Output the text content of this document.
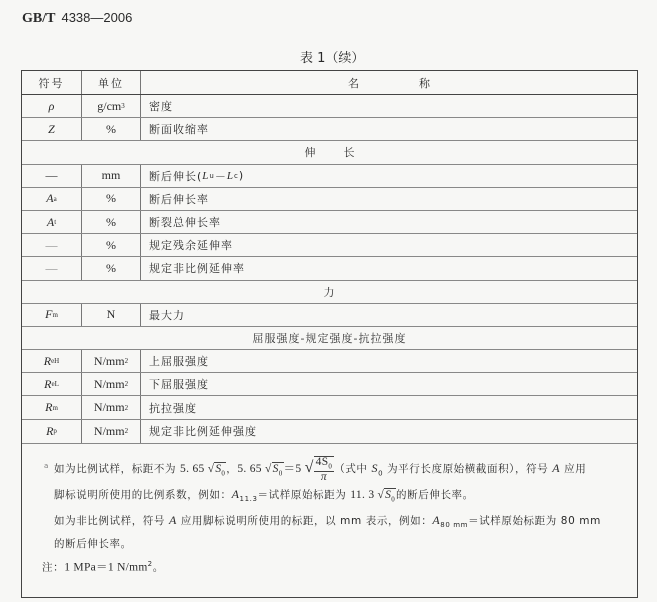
GB/T 4338—2006
表 1（续）
符号	单位	名称
ρ	g/cm 3	密度
Z	%	断面收缩率
伸长
—	mm	断后伸长( L u － L c )
A a	%	断后伸长率
A t	%	断裂总伸长率
—	%	规定残余延伸率
—	%	规定非比例延伸率
力
F m	N	最大力
屈服强度-规定强度-抗拉强度
R eH	N/mm 2	上屈服强度
R eL	N/mm 2	下屈服强度
R m	N/mm 2	抗拉强度
R p	N/mm 2	规定非比例延伸强度
a 如为比例试样，标距不为 5. 65 $√S_0$，5. 65 $√S_0=5$ √ $\frac{4S_0}{\pi}$ （式中 $S_0$ 为平行长度原始横截面积），符号 A 应用
脚标说明所使用的比例系数，例如：$A_{11.3}=$试样原始标距为 11. 3 $√S_0$的断后伸长率。
如为非比例试样，符号 A 应用脚标说明所使用的标距，以 mm 表示，例如：$A_{80 mm}=$试样原始标距为 80 mm
的断后伸长率。
注：1 MPa＝1 $N/mm^2$。
